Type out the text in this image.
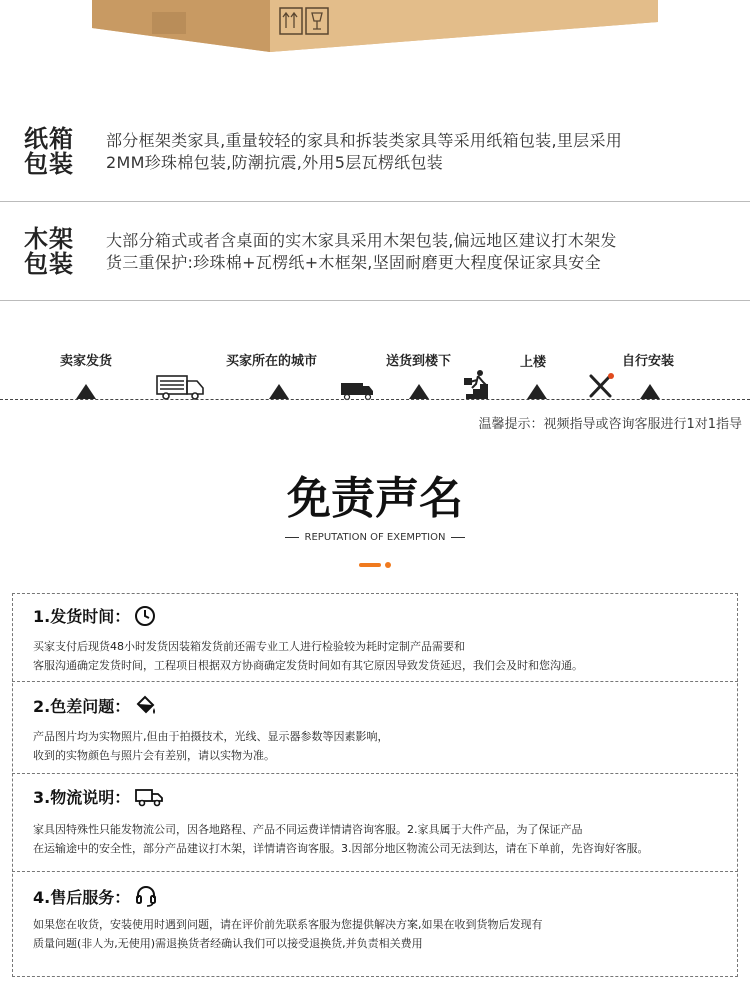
纸箱
包装
部分框架类家具,重量较轻的家具和拆装类家具等采用纸箱包装,里层采用
2MM珍珠棉包装,防潮抗震,外用5层瓦楞纸包装
木架
包装
大部分箱式或者含桌面的实木家具采用木架包装,偏远地区建议打木架发
货三重保护:珍珠棉+瓦楞纸+木框架,坚固耐磨更大程度保证家具安全
卖家发货	买家所在的城市	送货到楼下	上楼	自行安装
温馨提示：视频指导或咨询客服进行1对1指导
免责声名
REPUTATION OF EXEMPTION
1.发货时间：
买家支付后现货48小时发货因装箱发货前还需专业工人进行检验较为耗时定制产品需要和
客服沟通确定发货时间，工程项目根据双方协商确定发货时间如有其它原因导致发货延迟，我们会及时和您沟通。
2.色差问题：
产品图片均为实物照片,但由于拍摄技术，光线、显示器参数等因素影响，
收到的实物颜色与照片会有差别，请以实物为准。
3.物流说明：
家具因特殊性只能发物流公司，因各地路程、产品不同运费详情请咨询客服。2.家具属于大件产品，为了保证产品
在运输途中的安全性，部分产品建议打木架，详情请咨询客服。3.因部分地区物流公司无法到达，请在下单前，先咨询好客服。
4.售后服务：
如果您在收货，安装使用时遇到问题，请在评价前先联系客服为您提供解决方案,如果在收到货物后发现有
质量问题(非人为,无使用)需退换货者经确认我们可以接受退换货,并负责相关费用
